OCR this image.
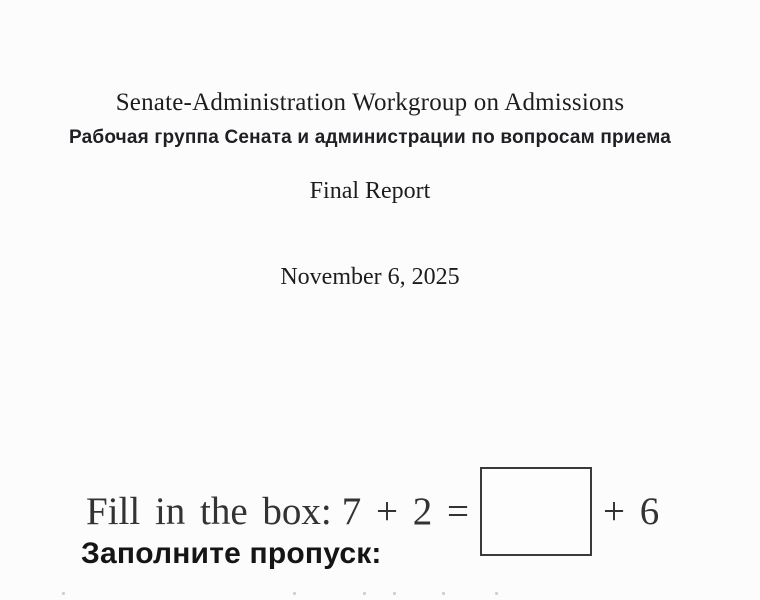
Senate-Administration Workgroup on Admissions
Рабочая группа Сената и администрации по вопросам приема
Final Report
November 6, 2025
Fill in the box: 7 + 2 =	+ 6
Заполните пропуск:
